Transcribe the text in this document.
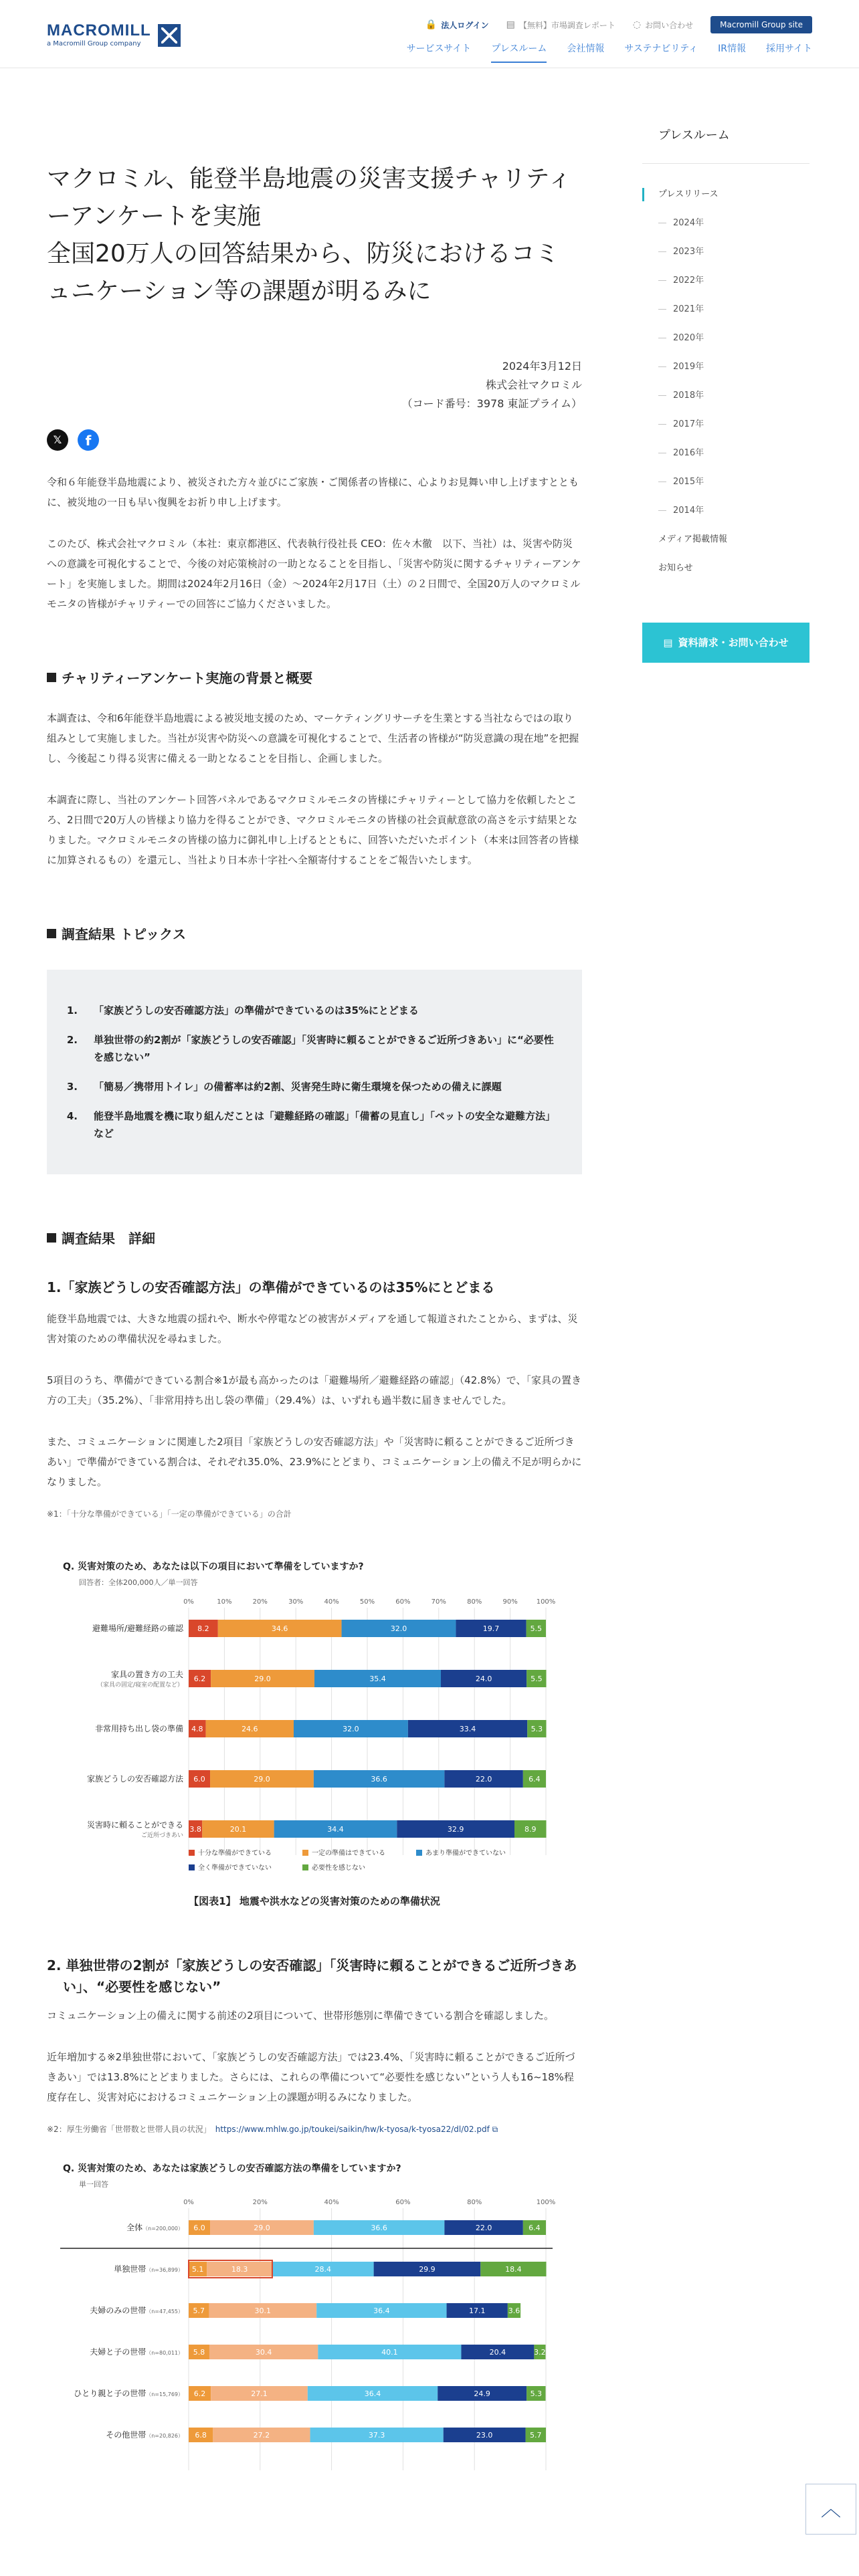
MACROMILL
a Macromill Group company
🔒 法人ログイン ▤ 【無料】市場調査レポート ◌ お問い合わせ	Macromill Group site
サービスサイト プレスルーム 会社情報 サステナビリティ IR情報 採用サイト
マクロミル、能登半島地震の災害支援チャリティ
ーアンケートを実施
全国20万人の回答結果から、防災におけるコミ
ュニケーション等の課題が明るみに
2024年3月12日
株式会社マクロミル
（コード番号：3978 東証プライム）
𝕏	f

令和６年能登半島地震により、被災された方々並びにご家族・ご関係者の皆様に、心よりお見舞い申し上げますとともに、被災地の一日も早い復興をお祈り申し上げます。

このたび、株式会社マクロミル（本社：東京都港区、代表執行役社長 CEO：佐々木徹　以下、当社）は、災害や防災への意識を可視化することで、今後の対応策検討の一助となることを目指し、「災害や防災に関するチャリティーアンケート」を実施しました。期間は2024年2月16日（金）～2024年2月17日（土）の２日間で、全国20万人のマクロミルモニタの皆様がチャリティーでの回答にご協力くださいました。

チャリティーアンケート実施の背景と概要

本調査は、令和6年能登半島地震による被災地支援のため、マーケティングリサーチを生業とする当社ならではの取り組みとして実施しました。当社が災害や防災への意識を可視化することで、生活者の皆様が“防災意識の現在地”を把握し、今後起こり得る災害に備える一助となることを目指し、企画しました。

本調査に際し、当社のアンケート回答パネルであるマクロミルモニタの皆様にチャリティーとして協力を依頼したところ、2日間で20万人の皆様より協力を得ることができ、マクロミルモニタの皆様の社会貢献意欲の高さを示す結果となりました。マクロミルモニタの皆様の協力に御礼申し上げるとともに、回答いただいたポイント（本来は回答者の皆様に加算されるもの）を還元し、当社より日本赤十字社へ全額寄付することをご報告いたします。

調査結果 トピックス
1. 「家族どうしの安否確認方法」の準備ができているのは35%にとどまる
2. 単独世帯の約2割が「家族どうしの安否確認」「災害時に頼ることができるご近所づきあい」に“必要性を感じない”
3. 「簡易／携帯用トイレ」の備蓄率は約2割、災害発生時に衛生環境を保つための備えに課題
4. 能登半島地震を機に取り組んだことは「避難経路の確認」「備蓄の見直し」「ペットの安全な避難方法」など
調査結果　詳細
1.「家族どうしの安否確認方法」の準備ができているのは35%にとどまる

能登半島地震では、大きな地震の揺れや、断水や停電などの被害がメディアを通して報道されたことから、まずは、災害対策のための準備状況を尋ねました。

5項目のうち、準備ができている割合※1が最も高かったのは「避難場所／避難経路の確認」（42.8%）で、「家具の置き方の工夫」（35.2%）、「非常用持ち出し袋の準備」（29.4%）は、いずれも過半数に届きませんでした。

また、コミュニケーションに関連した2項目「家族どうしの安否確認方法」や「災害時に頼ることができるご近所づきあい」で準備ができている割合は、それぞれ35.0%、23.9%にとどまり、コミュニケーション上の備え不足が明らかになりました。

※1：「十分な準備ができている」「一定の準備ができている」の合計
Q. 災害対策のため、あなたは以下の項目において準備をしていますか?
回答者：全体200,000人／単一回答
0%	10%	20%	30%	40%	50%	60%	70%	80%	90%	100%
避難場所/避難経路の確認 8.2	34.6	32.0	19.7	5.5
家具の置き方の工夫
（家具の固定/寝室の配置など）
6.2	29.0	35.4	24.0	5.5
非常用持ち出し袋の準備 4.8	24.6	32.0	33.4	5.3
家族どうしの安否確認方法 6.0	29.0	36.6	22.0	6.4
災害時に頼ることができる
ご近所づきあい
3.8	20.1	34.4	32.9	8.9
十分な準備ができている	一定の準備はできている	あまり準備ができていない
全く準備ができていない	必要性を感じない
【図表1】 地震や洪水などの災害対策のための準備状況
2. 単独世帯の2割が「家族どうしの安否確認」「災害時に頼ることができるご近所づきあ
い」、“必要性を感じない”

コミュニケーション上の備えに関する前述の2項目について、世帯形態別に準備できている割合を確認しました。

近年増加する※2単独世帯において、「家族どうしの安否確認方法」では23.4%、「災害時に頼ることができるご近所づきあい」では13.8%にとどまりました。さらには、これらの準備について“必要性を感じない”という人も16~18%程度存在し、災害対応におけるコミュニケーション上の課題が明るみになりました。

※2：厚生労働省「世帯数と世帯人員の状況」　 https://www.mhlw.go.jp/toukei/saikin/hw/k-tyosa/k-tyosa22/dl/02.pdf ⧉
Q. 災害対策のため、あなたは家族どうしの安否確認方法の準備をしていますか?
単一回答
0%	20%	40%	60%	80%	100%
全体（n=200,000） 6.0	29.0	36.6	22.0	6.4
単独世帯（n=36,899） 5.1	18.3	28.4	29.9	18.4
夫婦のみの世帯（n=47,455） 5.7	30.1	36.4	17.1	3.6
夫婦と子の世帯（n=80,011） 5.8	30.4	40.1	20.4	3.2
ひとり親と子の世帯（n=15,769） 6.2	27.1	36.4	24.9	5.3
その他世帯（n=20,826） 6.8	27.2	37.3	23.0	5.7
プレスルーム
プレスリリース
2024年
2023年
2022年
2021年
2020年
2019年
2018年
2017年
2016年
2015年
2014年
メディア掲載情報
お知らせ
▤ 資料請求・お問い合わせ
︿
